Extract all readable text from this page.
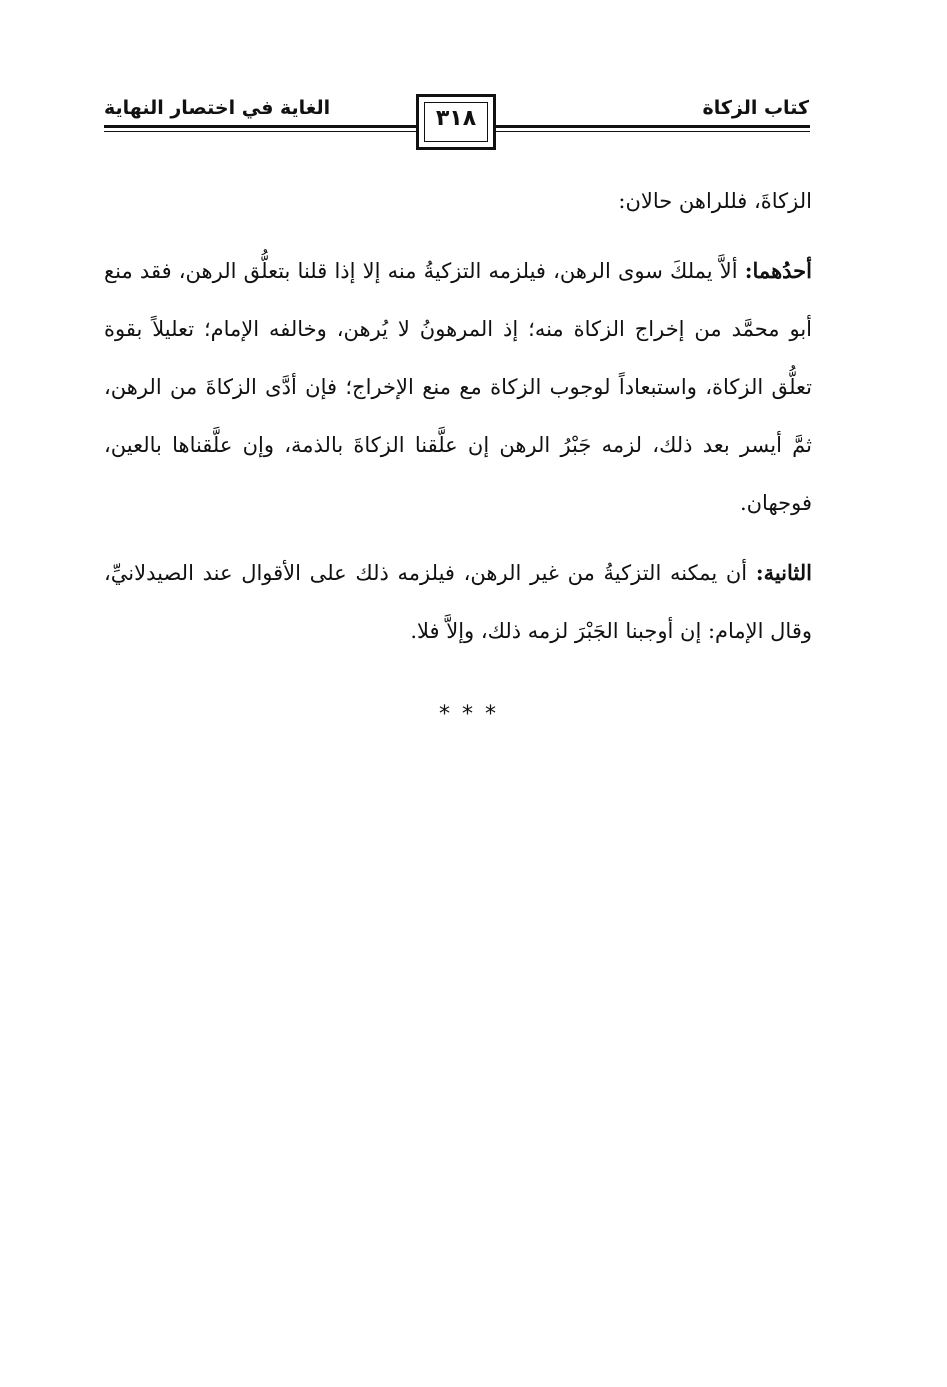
كتاب الزكاة
الغاية في اختصار النهاية	٣١٨

الزكاةَ، فللراهن حالان:

أحدُهما: ألاَّ يملكَ سوى الرهن، فيلزمه التزكيةُ منه إلا إذا قلنا بتعلُّق الرهن، فقد منع أبو محمَّد من إخراج الزكاة منه؛ إذ المرهونُ لا يُرهن، وخالفه الإمام؛ تعليلاً بقوة تعلُّق الزكاة، واستبعاداً لوجوب الزكاة مع منع الإخراج؛ فإن أدَّى الزكاةَ من الرهن، ثمَّ أيسر بعد ذلك، لزمه جَبْرُ الرهن إن علَّقنا الزكاةَ بالذمة، وإن علَّقناها بالعين، فوجهان.

الثانية: أن يمكنه التزكيةُ من غير الرهن، فيلزمه ذلك على الأقوال عند الصيدلانيِّ، وقال الإمام: إن أوجبنا الجَبْرَ لزمه ذلك، وإلاَّ فلا.

***
